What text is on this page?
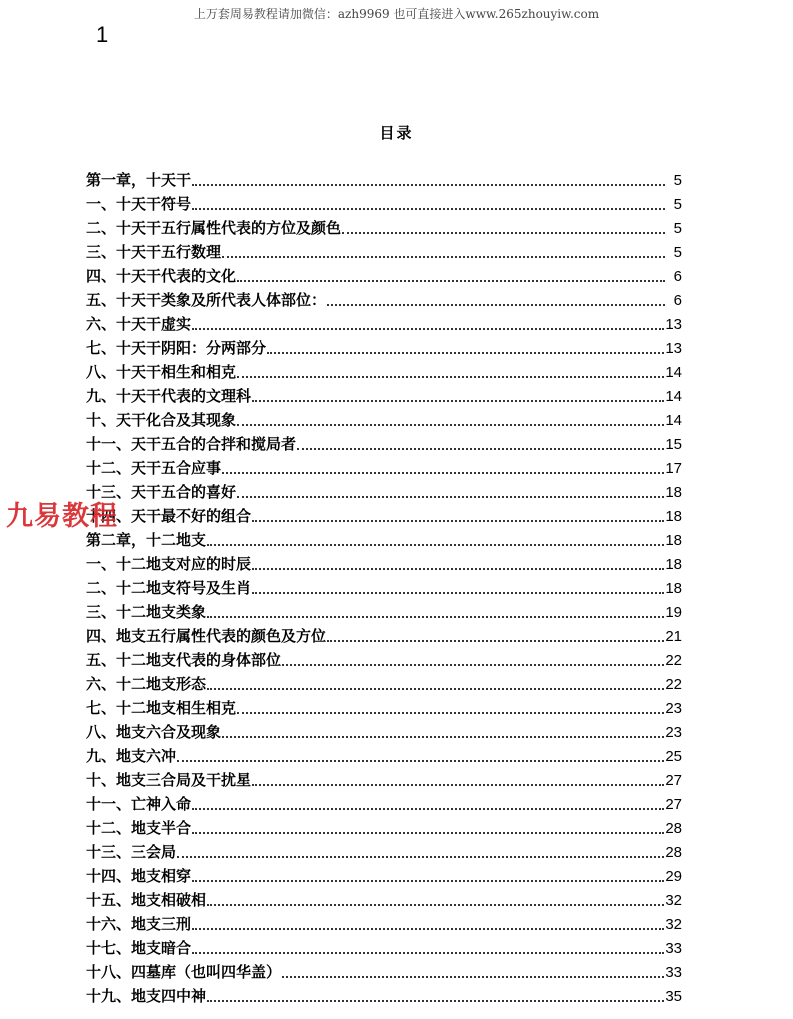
上万套周易教程请加微信：azh9969 也可直接进入www.265zhouyiw.com
1
目录
第一章，十天干	5
一、十天干符号	5
二、十天干五行属性代表的方位及颜色	5
三、十天干五行数理	5
四、十天干代表的文化	6
五、十天干类象及所代表人体部位：	6
六、十天干虚实	13
七、十天干阴阳：分两部分	13
八、十天干相生和相克	14
九、十天干代表的文理科	14
十、天干化合及其现象	14
十一、天干五合的合拌和搅局者	15
十二、天干五合应事	17
十三、天干五合的喜好	18
十四、天干最不好的组合	18
第二章，十二地支	18
一、十二地支对应的时辰	18
二、十二地支符号及生肖	18
三、十二地支类象	19
四、地支五行属性代表的颜色及方位	21
五、十二地支代表的身体部位	22
六、十二地支形态	22
七、十二地支相生相克	23
八、地支六合及现象	23
九、地支六冲	25
十、地支三合局及干扰星	27
十一、亡神入命	27
十二、地支半合	28
十三、三会局	28
十四、地支相穿	29
十五、地支相破相	32
十六、地支三刑	32
十七、地支暗合	33
十八、四墓库（也叫四华盖）	33
十九、地支四中神	35
九易教程
